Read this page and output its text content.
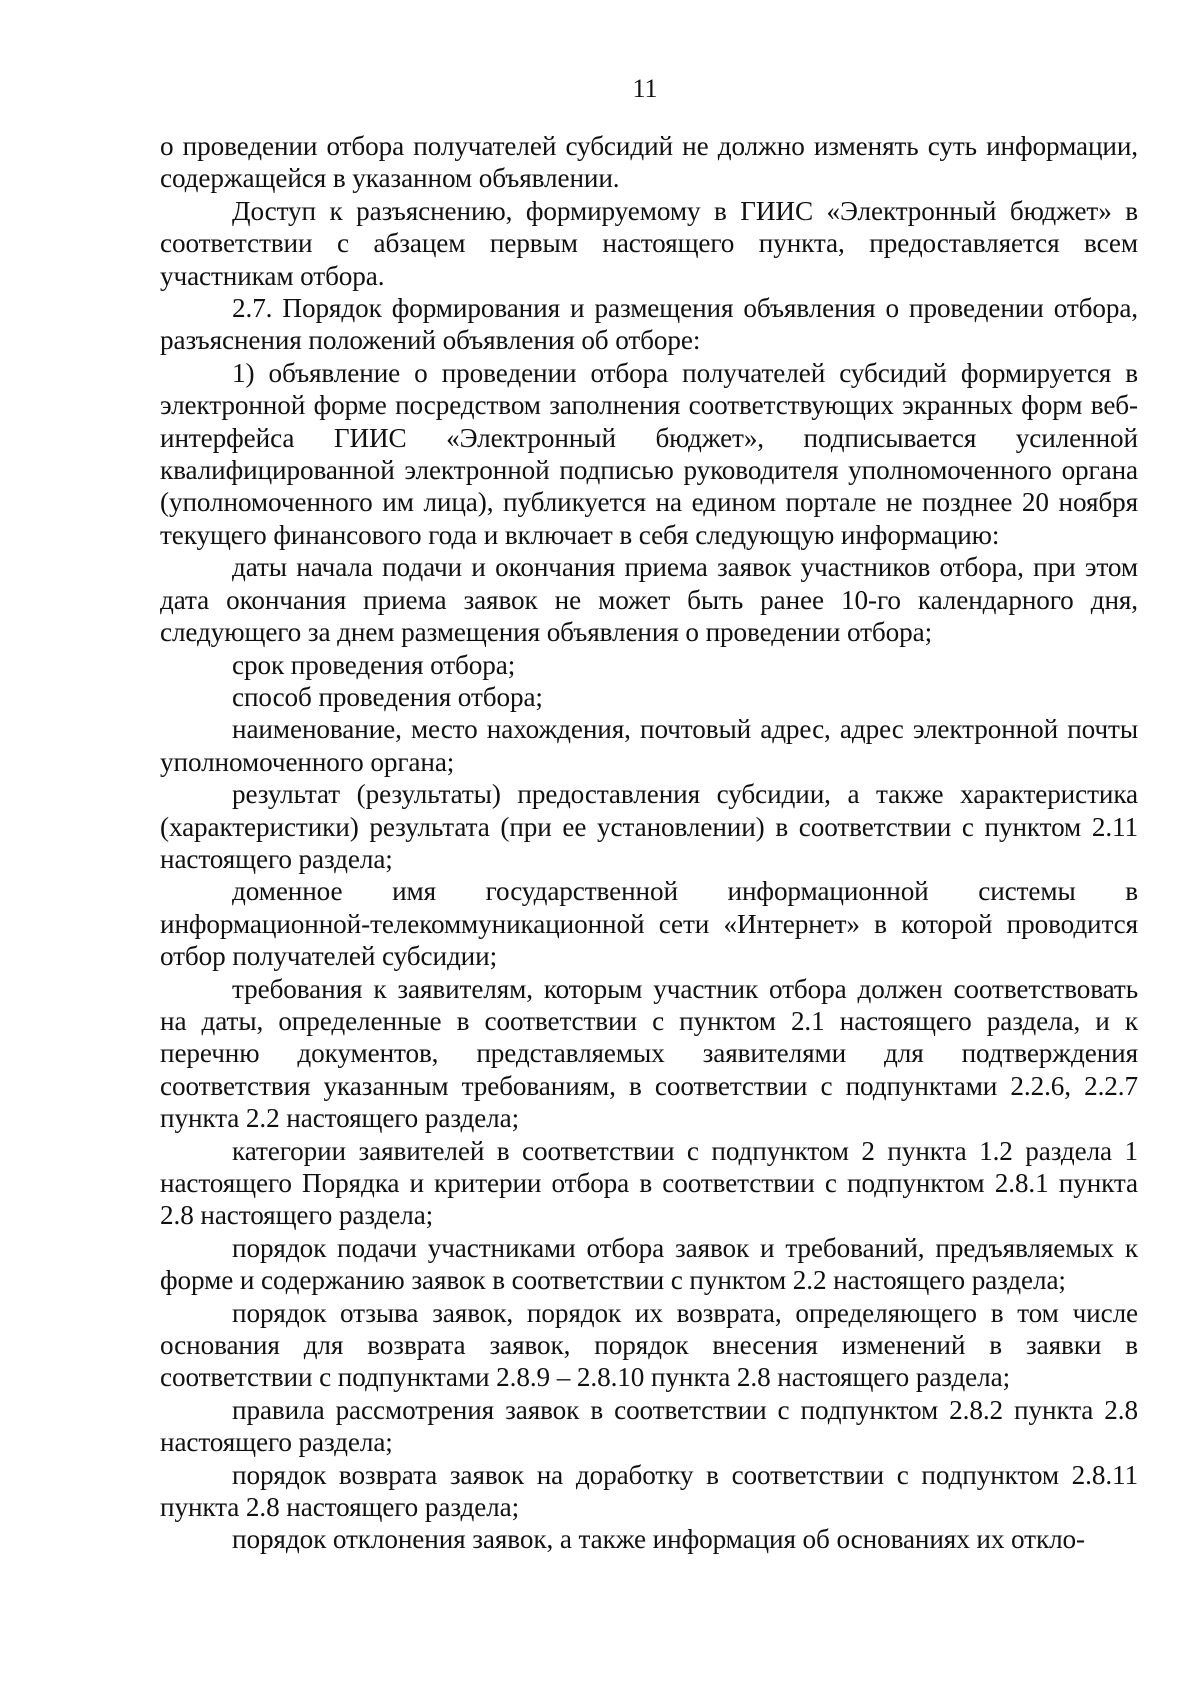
11

о проведении отбора получателей субсидий не должно изменять суть информации, содержащейся в указанном объявлении.

Доступ к разъяснению, формируемому в ГИИС «Электронный бюджет» в соответствии с абзацем первым настоящего пункта, предоставляется всем участникам отбора.

2.7. Порядок формирования и размещения объявления о проведении отбора, разъяснения положений объявления об отборе:

1) объявление о проведении отбора получателей субсидий формируется в электронной форме посредством заполнения соответствующих экранных форм веб-интерфейса ГИИС «Электронный бюджет», подписывается усиленной квалифицированной электронной подписью руководителя уполномоченного органа (уполномоченного им лица), публикуется на едином портале не позднее 20 ноября текущего финансового года и включает в себя следующую информацию:

даты начала подачи и окончания приема заявок участников отбора, при этом дата окончания приема заявок не может быть ранее 10-го календарного дня, следующего за днем размещения объявления о проведении отбора;

срок проведения отбора;

способ проведения отбора;

наименование, место нахождения, почтовый адрес, адрес электронной почты уполномоченного органа;

результат (результаты) предоставления субсидии, а также характеристика (характеристики) результата (при ее установлении) в соответствии с пунктом 2.11 настоящего раздела;

доменное имя государственной информационной системы в информационной-телекоммуникационной сети «Интернет» в которой проводится отбор получателей субсидии;

требования к заявителям, которым участник отбора должен соответствовать на даты, определенные в соответствии с пунктом 2.1 настоящего раздела, и к перечню документов, представляемых заявителями для подтверждения соответствия указанным требованиям, в соответствии с подпунктами 2.2.6, 2.2.7 пункта 2.2 настоящего раздела;

категории заявителей в соответствии с подпунктом 2 пункта 1.2 раздела 1 настоящего Порядка и критерии отбора в соответствии с подпунктом 2.8.1 пункта 2.8 настоящего раздела;

порядок подачи участниками отбора заявок и требований, предъявляемых к форме и содержанию заявок в соответствии с пунктом 2.2 настоящего раздела;

порядок отзыва заявок, порядок их возврата, определяющего в том числе основания для возврата заявок, порядок внесения изменений в заявки в соответствии с подпунктами 2.8.9 – 2.8.10 пункта 2.8 настоящего раздела;

правила рассмотрения заявок в соответствии с подпунктом 2.8.2 пункта 2.8 настоящего раздела;

порядок возврата заявок на доработку в соответствии с подпунктом 2.8.11 пункта 2.8 настоящего раздела;

порядок отклонения заявок, а также информация об основаниях их откло-
